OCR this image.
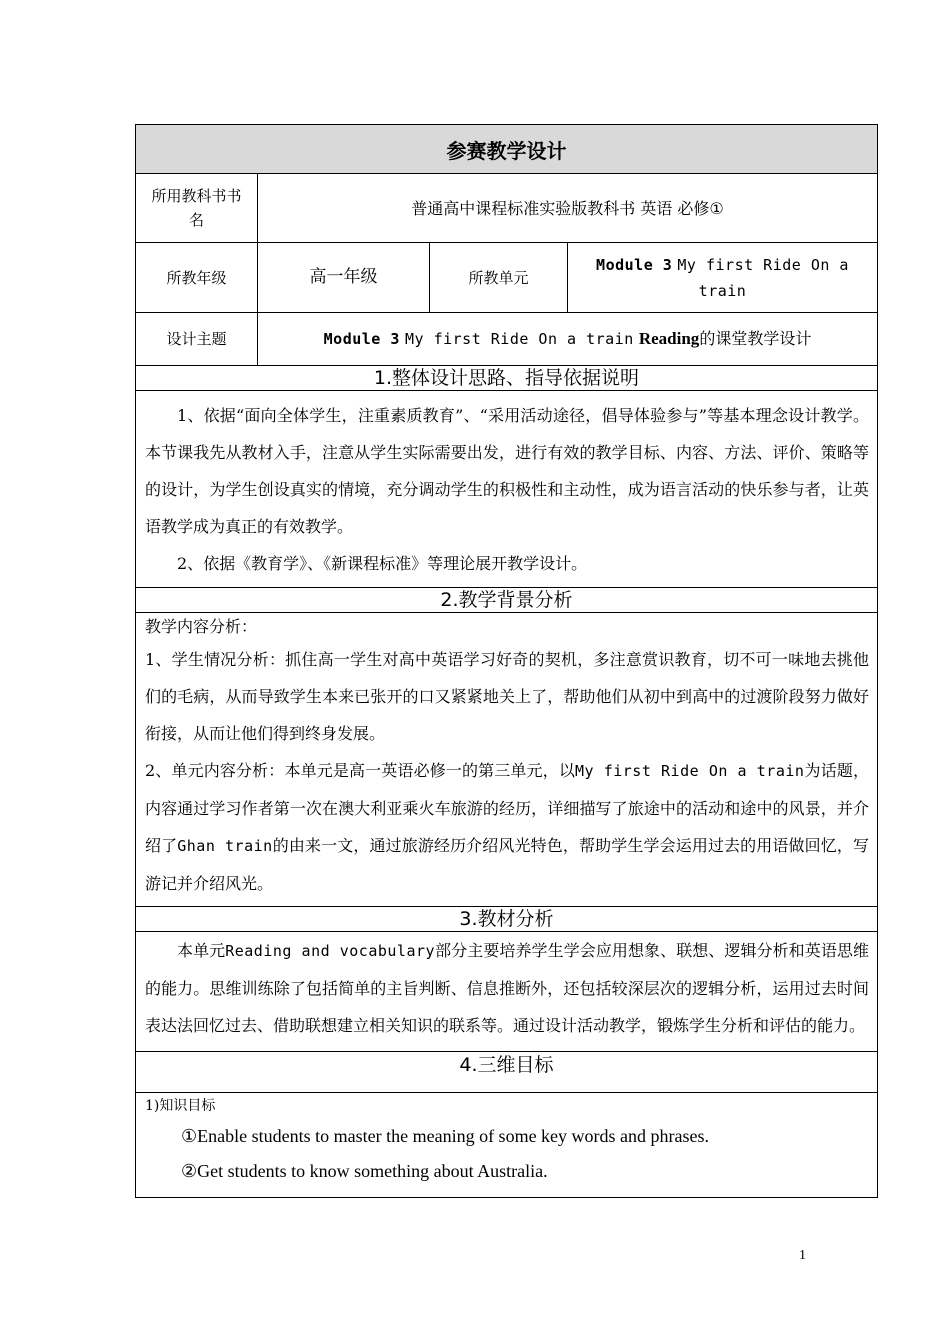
参赛教学设计			
所用教科书书名	普通高中课程标准实验版教科书 英语 必修①		
所教年级	高一年级	所教单元	Module 3 My first Ride On a train
设计主题	Module 3 My first Ride On a train Reading的课堂教学设计		
1.整体设计思路、指导依据说明			

1、依据“面向全体学生，注重素质教育”、“采用活动途径，倡导体验参与”等基本理念设计教学。本节课我先从教材入手，注意从学生实际需要出发，进行有效的教学目标、内容、方法、评价、策略等的设计，为学生创设真实的情境，充分调动学生的积极性和主动性，成为语言活动的快乐参与者，让英语教学成为真正的有效教学。
2、依据《教育学》、《新课程标准》等理论展开教学设计。			

2.教学背景分析			

教学内容分析：
1、学生情况分析：抓住高一学生对高中英语学习好奇的契机，多注意赏识教育，切不可一味地去挑他们的毛病，从而导致学生本来已张开的口又紧紧地关上了，帮助他们从初中到高中的过渡阶段努力做好衔接，从而让他们得到终身发展。
2、单元内容分析：本单元是高一英语必修一的第三单元，以My first Ride On a train为话题，内容通过学习作者第一次在澳大利亚乘火车旅游的经历，详细描写了旅途中的活动和途中的风景，并介绍了Ghan train的由来一文，通过旅游经历介绍风光特色，帮助学生学会运用过去的用语做回忆，写游记并介绍风光。			

3.教材分析			

本单元Reading and vocabulary部分主要培养学生学会应用想象、联想、逻辑分析和英语思维的能力。思维训练除了包括简单的主旨判断、信息推断外，还包括较深层次的逻辑分析，运用过去时间表达法回忆过去、借助联想建立相关知识的联系等。通过设计活动教学，锻炼学生分析和评估的能力。			

4.三维目标			

1)知识目标
①Enable students to master the meaning of some key words and phrases.
②Get students to know something about Australia.			
1
